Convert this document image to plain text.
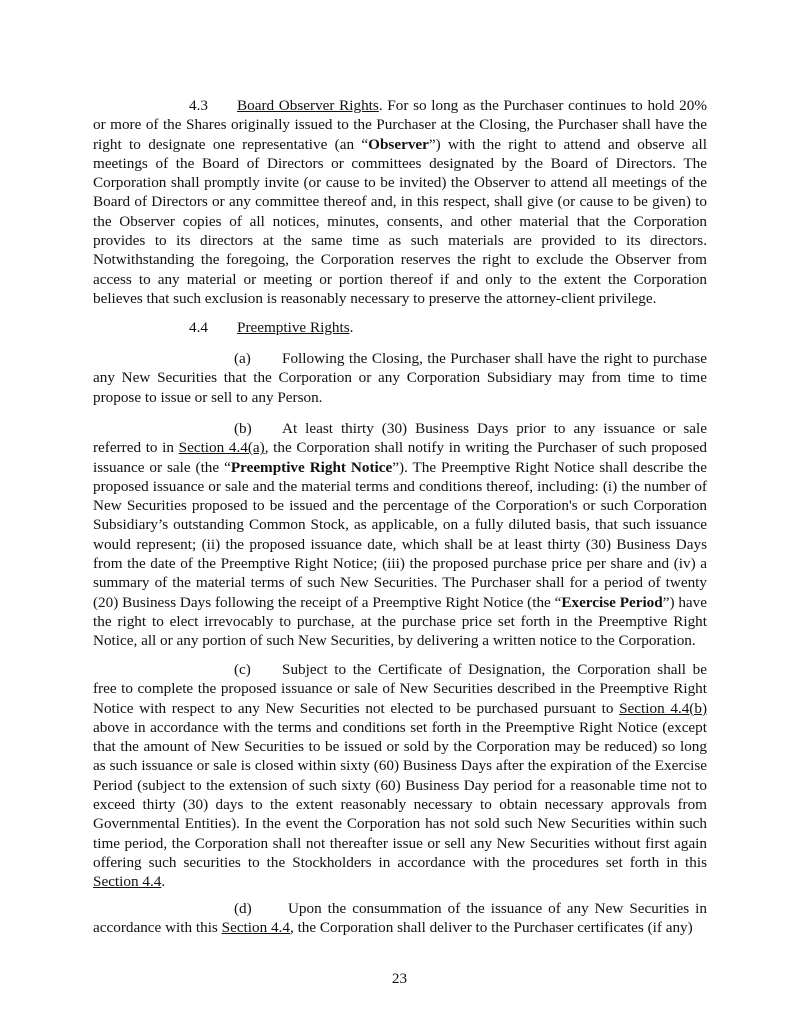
4.3 Board Observer Rights. For so long as the Purchaser continues to hold 20% or more of the Shares originally issued to the Purchaser at the Closing, the Purchaser shall have the right to designate one representative (an “Observer”) with the right to attend and observe all meetings of the Board of Directors or committees designated by the Board of Directors. The Corporation shall promptly invite (or cause to be invited) the Observer to attend all meetings of the Board of Directors or any committee thereof and, in this respect, shall give (or cause to be given) to the Observer copies of all notices, minutes, consents, and other material that the Corporation provides to its directors at the same time as such materials are provided to its directors. Notwithstanding the foregoing, the Corporation reserves the right to exclude the Observer from access to any material or meeting or portion thereof if and only to the extent the Corporation believes that such exclusion is reasonably necessary to preserve the attorney-client privilege.

4.4 Preemptive Rights.

(a) Following the Closing, the Purchaser shall have the right to purchase any New Securities that the Corporation or any Corporation Subsidiary may from time to time propose to issue or sell to any Person.

(b) At least thirty (30) Business Days prior to any issuance or sale referred to in Section 4.4(a), the Corporation shall notify in writing the Purchaser of such proposed issuance or sale (the “Preemptive Right Notice”). The Preemptive Right Notice shall describe the proposed issuance or sale and the material terms and conditions thereof, including: (i) the number of New Securities proposed to be issued and the percentage of the Corporation's or such Corporation Subsidiary’s outstanding Common Stock, as applicable, on a fully diluted basis, that such issuance would represent; (ii) the proposed issuance date, which shall be at least thirty (30) Business Days from the date of the Preemptive Right Notice; (iii) the proposed purchase price per share and (iv) a summary of the material terms of such New Securities. The Purchaser shall for a period of twenty (20) Business Days following the receipt of a Preemptive Right Notice (the “Exercise Period”) have the right to elect irrevocably to purchase, at the purchase price set forth in the Preemptive Right Notice, all or any portion of such New Securities, by delivering a written notice to the Corporation.

(c) Subject to the Certificate of Designation, the Corporation shall be free to complete the proposed issuance or sale of New Securities described in the Preemptive Right Notice with respect to any New Securities not elected to be purchased pursuant to Section 4.4(b) above in accordance with the terms and conditions set forth in the Preemptive Right Notice (except that the amount of New Securities to be issued or sold by the Corporation may be reduced) so long as such issuance or sale is closed within sixty (60) Business Days after the expiration of the Exercise Period (subject to the extension of such sixty (60) Business Day period for a reasonable time not to exceed thirty (30) days to the extent reasonably necessary to obtain necessary approvals from Governmental Entities). In the event the Corporation has not sold such New Securities within such time period, the Corporation shall not thereafter issue or sell any New Securities without first again offering such securities to the Stockholders in accordance with the procedures set forth in this Section 4.4.

(d) Upon the consummation of the issuance of any New Securities in accordance with this Section 4.4, the Corporation shall deliver to the Purchaser certificates (if any)

23
